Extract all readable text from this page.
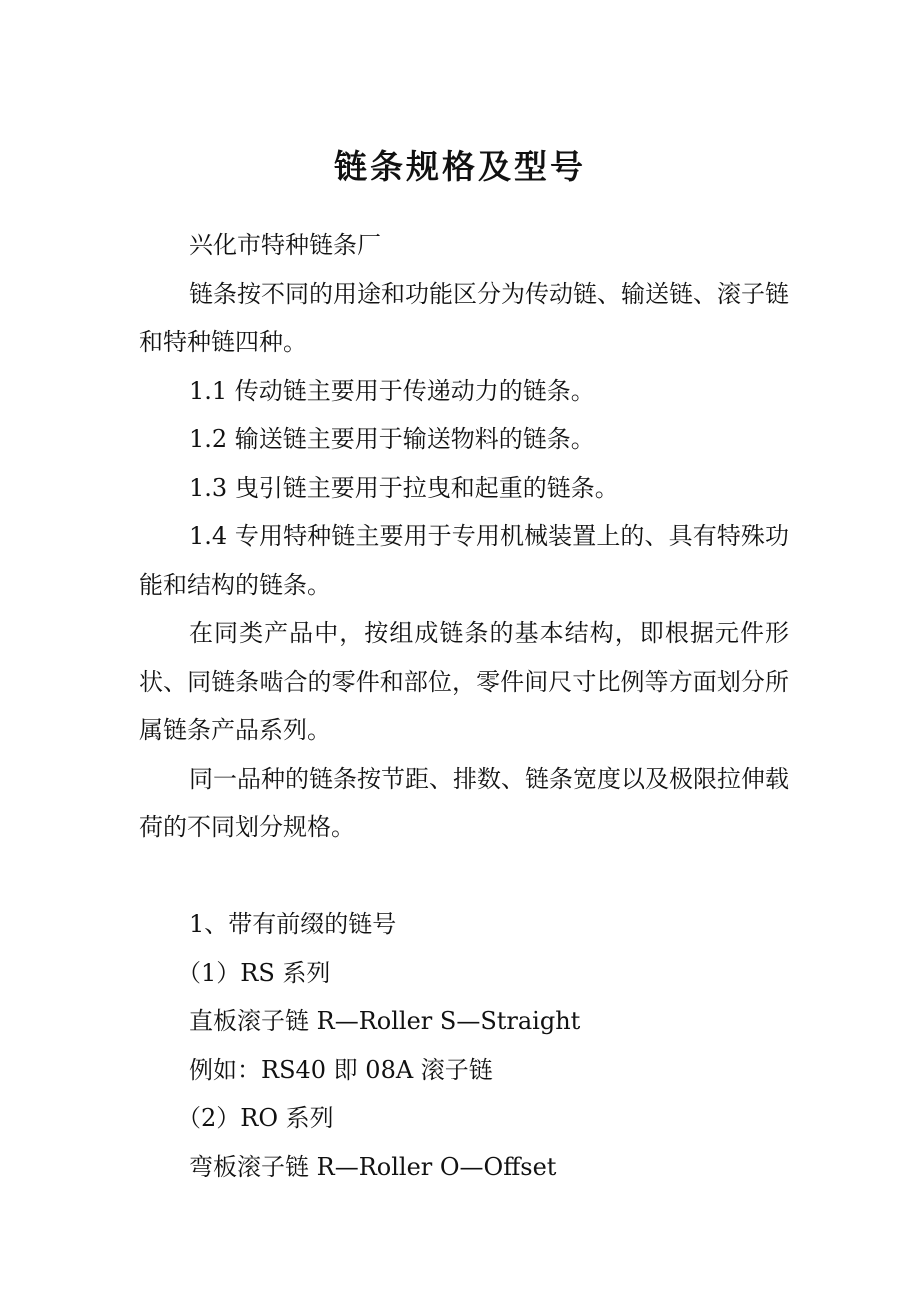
链条规格及型号

兴化市特种链条厂

链条按不同的用途和功能区分为传动链、输送链、滚子链和特种链四种。

1.1 传动链主要用于传递动力的链条。

1.2 输送链主要用于输送物料的链条。

1.3 曳引链主要用于拉曳和起重的链条。

1.4 专用特种链主要用于专用机械装置上的、具有特殊功能和结构的链条。

在同类产品中，按组成链条的基本结构，即根据元件形状、同链条啮合的零件和部位，零件间尺寸比例等方面划分所属链条产品系列。

同一品种的链条按节距、排数、链条宽度以及极限拉伸载荷的不同划分规格。

1、带有前缀的链号

（1）RS 系列

直板滚子链 R—Roller S—Straight

例如：RS40 即 08A 滚子链

（2）RO 系列

弯板滚子链 R—Roller O—Offset
